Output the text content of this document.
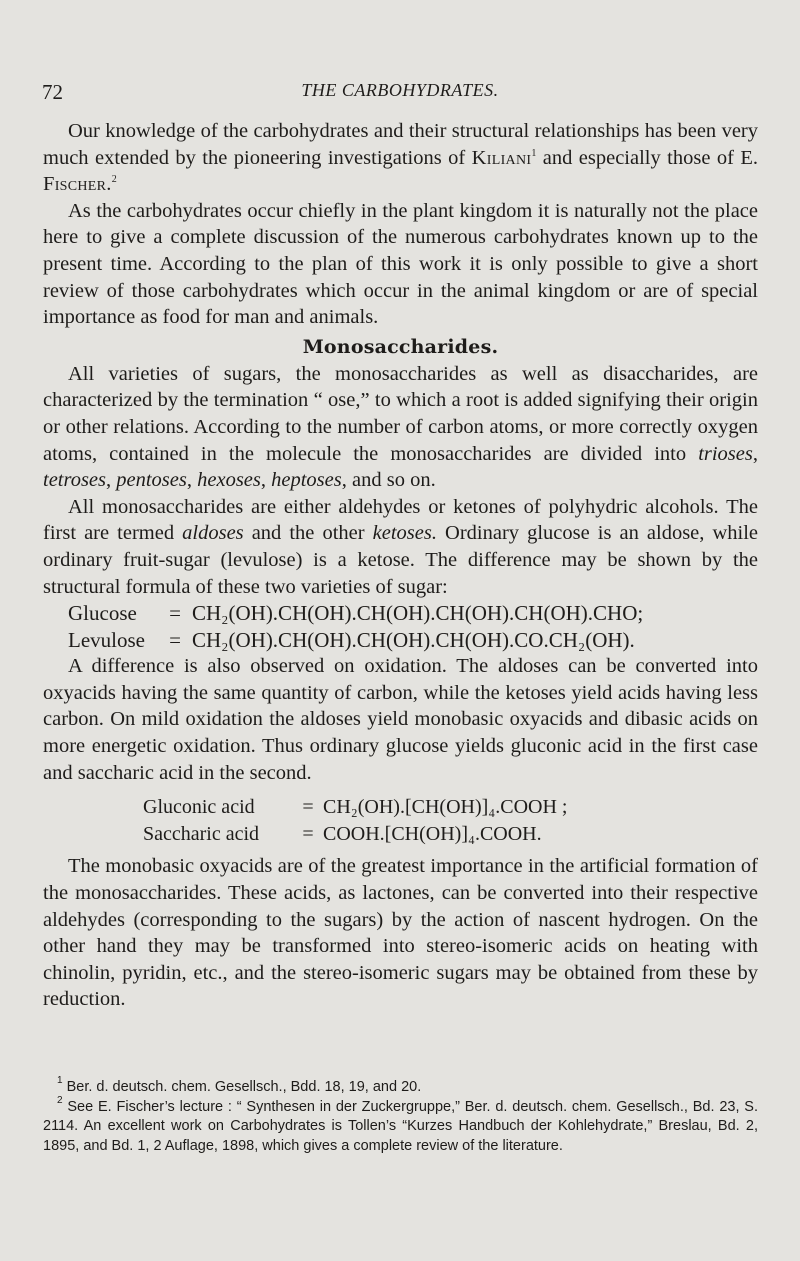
72	THE CARBOHYDRATES.

Our knowledge of the carbohydrates and their structural relationships has been very much extended by the pioneering investigations of Kiliani$^1$ and especially those of E. Fischer.$^2$

As the carbohydrates occur chiefly in the plant kingdom it is naturally not the place here to give a complete discussion of the numerous carbohydrates known up to the present time. According to the plan of this work it is only possible to give a short review of those carbohydrates which occur in the animal kingdom or are of special importance as food for man and animals.

Monosaccharides.

All varieties of sugars, the monosaccharides as well as disaccharides, are characterized by the termination “ ose,” to which a root is added signifying their origin or other relations. According to the number of carbon atoms, or more correctly oxygen atoms, contained in the molecule the monosaccharides are divided into trioses, tetroses, pentoses, hexoses, heptoses, and so on.

All monosaccharides are either aldehydes or ketones of polyhydric alcohols. The first are termed aldoses and the other ketoses. Ordinary glucose is an aldose, while ordinary fruit-sugar (levulose) is a ketose. The difference may be shown by the structural formula of these two varieties of sugar:

Glucose	= CH₂(OH).CH(OH).CH(OH).CH(OH).CH(OH).CHO;
Levulose	= CH₂(OH).CH(OH).CH(OH).CH(OH).CO.CH₂(OH).

A difference is also observed on oxidation. The aldoses can be converted into oxyacids having the same quantity of carbon, while the ketoses yield acids having less carbon. On mild oxidation the aldoses yield monobasic oxyacids and dibasic acids on more energetic oxidation. Thus ordinary glucose yields gluconic acid in the first case and saccharic acid in the second.

Gluconic acid	= CH₂(OH).[CH(OH)]₄.COOH ;
Saccharic acid	= COOH.[CH(OH)]₄.COOH.

The monobasic oxyacids are of the greatest importance in the artificial formation of the monosaccharides. These acids, as lactones, can be converted into their respective aldehydes (corresponding to the sugars) by the action of nascent hydrogen. On the other hand they may be transformed into stereo-isomeric acids on heating with chinolin, pyridin, etc., and the stereo-isomeric sugars may be obtained from these by reduction.

$^1$ Ber. d. deutsch. chem. Gesellsch., Bdd. 18, 19, and 20.

$^2$ See E. Fischer’s lecture : “ Synthesen in der Zuckergruppe,” Ber. d. deutsch. chem. Gesellsch., Bd. 23, S. 2114. An excellent work on Carbohydrates is Tollen’s “Kurzes Handbuch der Kohlehydrate,” Breslau, Bd. 2, 1895, and Bd. 1, 2 Auflage, 1898, which gives a complete review of the literature.
